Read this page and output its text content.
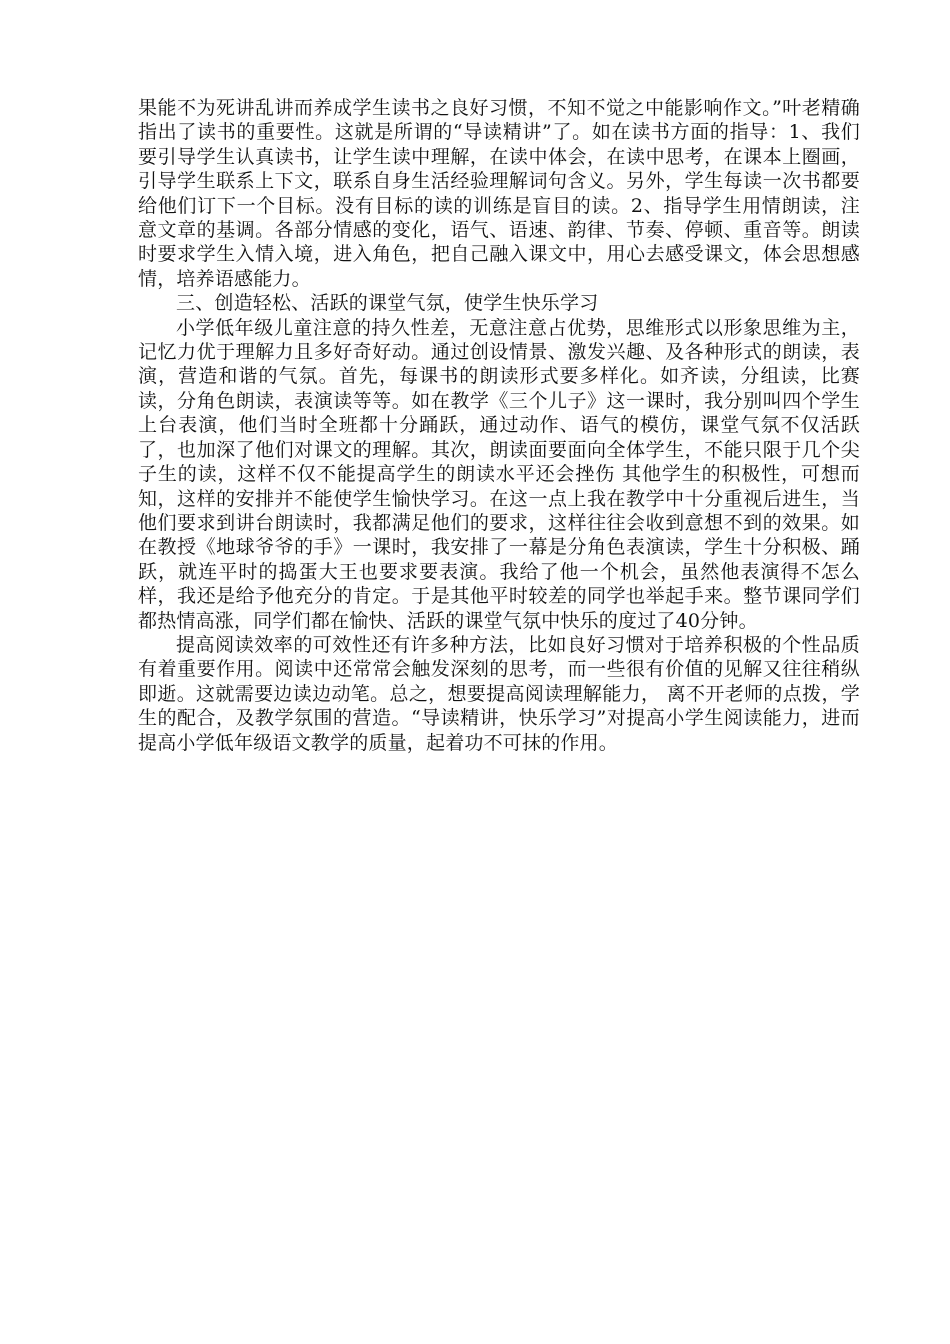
果能不为死讲乱讲而养成学生读书之良好习惯，不知不觉之中能影响作文。”叶老精确指出了读书的重要性。这就是所谓的“导读精讲”了。如在读书方面的指导：1、我们要引导学生认真读书，让学生读中理解，在读中体会，在读中思考，在课本上圈画，引导学生联系上下文，联系自身生活经验理解词句含义。另外，学生每读一次书都要给他们订下一个目标。没有目标的读的训练是盲目的读。2、指导学生用情朗读，注意文章的基调。各部分情感的变化，语气、语速、韵律、节奏、停顿、重音等。朗读时要求学生入情入境，进入角色，把自己融入课文中，用心去感受课文，体会思想感情，培养语感能力。

三、创造轻松、活跃的课堂气氛，使学生快乐学习

小学低年级儿童注意的持久性差，无意注意占优势，思维形式以形象思维为主，记忆力优于理解力且多好奇好动。通过创设情景、激发兴趣、及各种形式的朗读，表演，营造和谐的气氛。首先，每课书的朗读形式要多样化。如齐读，分组读，比赛读，分角色朗读，表演读等等。如在教学《三个儿子》这一课时，我分别叫四个学生上台表演，他们当时全班都十分踊跃，通过动作、语气的模仿，课堂气氛不仅活跃了，也加深了他们对课文的理解。其次，朗读面要面向全体学生，不能只限于几个尖子生的读，这样不仅不能提高学生的朗读水平还会挫伤 其他学生的积极性，可想而知，这样的安排并不能使学生愉快学习。在这一点上我在教学中十分重视后进生，当他们要求到讲台朗读时，我都满足他们的要求，这样往往会收到意想不到的效果。如在教授《地球爷爷的手》一课时，我安排了一幕是分角色表演读，学生十分积极、踊跃，就连平时的捣蛋大王也要求要表演。我给了他一个机会，虽然他表演得不怎么样，我还是给予他充分的肯定。于是其他平时较差的同学也举起手来。整节课同学们都热情高涨，同学们都在愉快、活跃的课堂气氛中快乐的度过了40分钟。

提高阅读效率的可效性还有许多种方法，比如良好习惯对于培养积极的个性品质有着重要作用。阅读中还常常会触发深刻的思考，而一些很有价值的见解又往往稍纵即逝。这就需要边读边动笔。总之，想要提高阅读理解能力， 离不开老师的点拨，学生的配合，及教学氛围的营造。“导读精讲，快乐学习”对提高小学生阅读能力，进而提高小学低年级语文教学的质量，起着功不可抹的作用。
